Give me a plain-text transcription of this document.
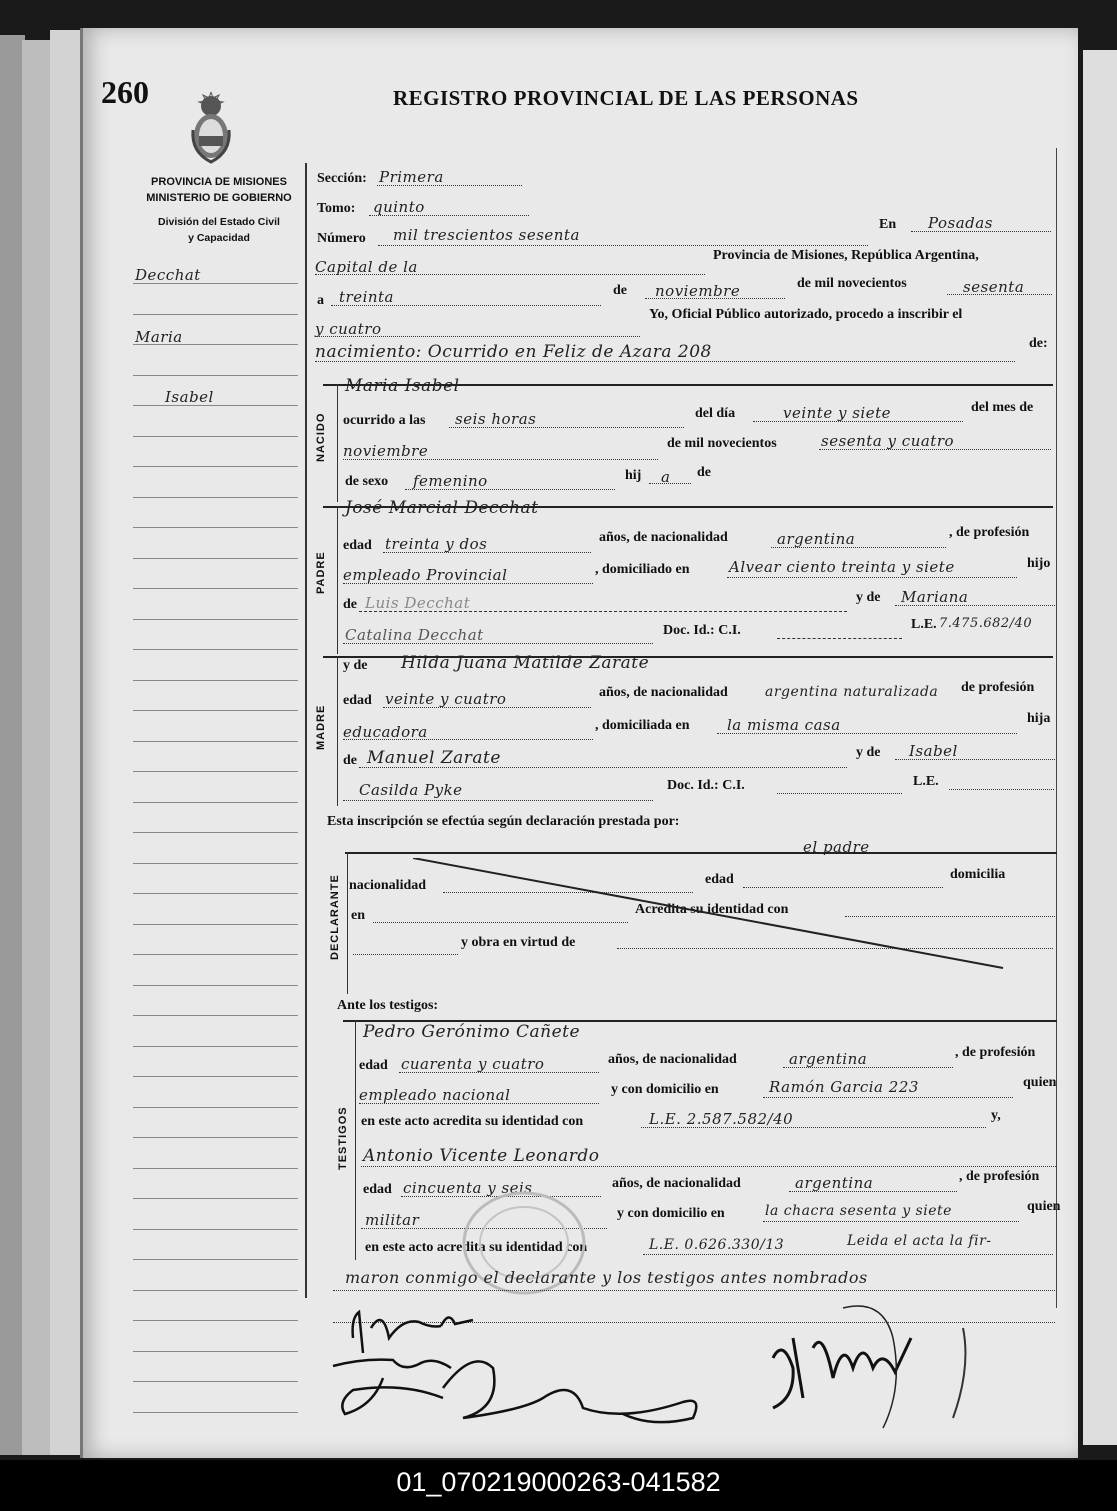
260	REGISTRO PROVINCIAL DE LAS PERSONAS
PROVINCIA DE MISIONES
MINISTERIO DE GOBIERNO
División del Estado Civil
y Capacidad
Decchat
Maria
Isabel
Sección: Primera
Tomo: quinto
Número mil trescientos sesenta
En Posadas
Capital de la
Provincia de Misiones, República Argentina,
a treinta	de noviembre	de mil novecientos	sesenta
y cuatro
Yo, Oficial Público autorizado, procedo a inscribir el
nacimiento: Ocurrido en Feliz de Azara 208	de:
NACIDO
Maria Isabel
ocurrido a las seis horas	del día	veinte y siete	del mes de
noviembre	de mil novecientos	sesenta y cuatro
de sexo femenino	hij a de
PADRE
José Marcial Decchat
edad treinta y dos	años, de nacionalidad	argentina	, de profesión
empleado Provincial	, domiciliado en	Alvear ciento treinta y siete	hijo
de Luis Decchat	y de Mariana
Catalina Decchat	Doc. Id.: C.I.	L.E. 7.475.682/40
MADRE
y de Hilda Juana Matilde Zarate
edad veinte y cuatro	años, de nacionalidad	argentina naturalizada de profesión
educadora	, domiciliada en la misma casa	hija
de Manuel Zarate	y de Isabel
Casilda Pyke	Doc. Id.: C.I.	L.E.
Esta inscripción se efectúa según declaración prestada por:
DECLARANTE
el padre
nacionalidad	edad	domicilia
en	Acredita su identidad con
y obra en virtud de
Ante los testigos:
TESTIGOS
Pedro Gerónimo Cañete
edad cuarenta y cuatro	años, de nacionalidad	argentina	, de profesión
empleado nacional	y con domicilio en	Ramón Garcia 223	quien
en este acto acredita su identidad con	L.E. 2.587.582/40	y,
Antonio Vicente Leonardo
edad cincuenta y seis	años, de nacionalidad	argentina	, de profesión
militar	y con domicilio en	la chacra sesenta y siete	quien
en este acto acredita su identidad con	L.E. 0.626.330/13	Leida el acta la fir-
maron conmigo el declarante y los testigos antes nombrados
01_070219000263-041582
